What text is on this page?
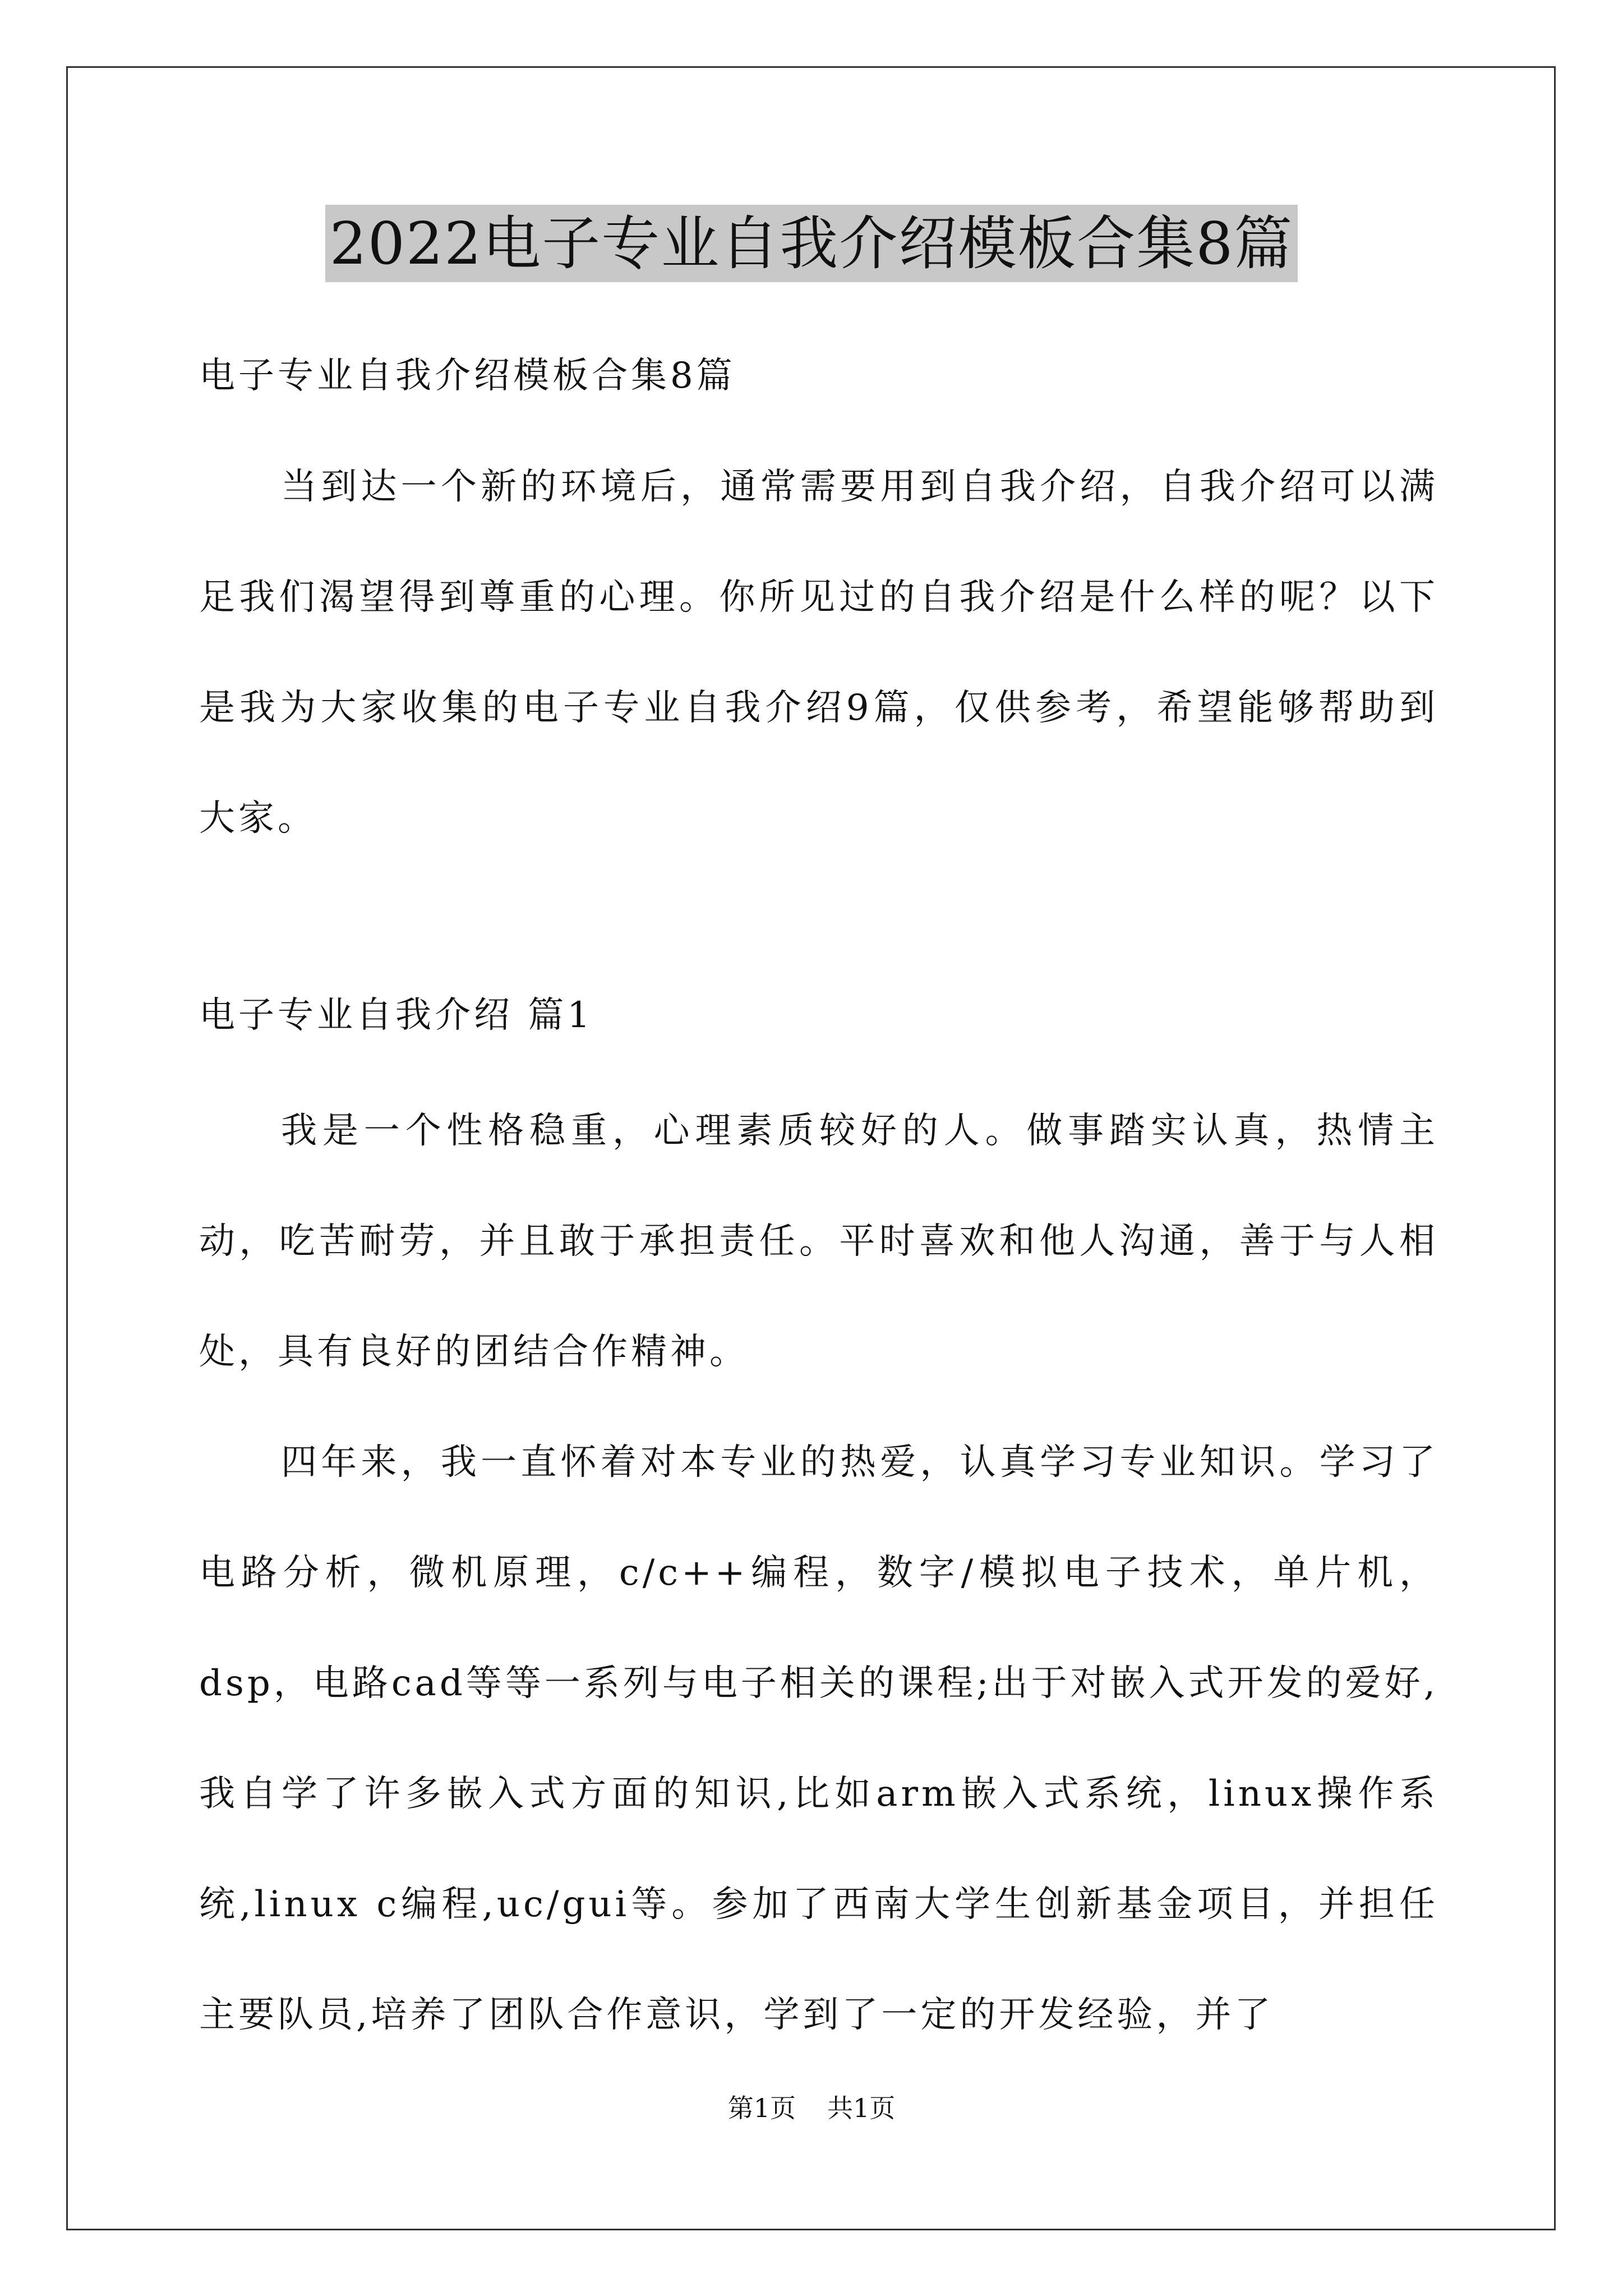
2022电子专业自我介绍模板合集8篇
电子专业自我介绍模板合集8篇

当到达一个新的环境后，通常需要用到自我介绍，自我介绍可以满足我们渴望得到尊重的心理。你所见过的自我介绍是什么样的呢？以下是我为大家收集的电子专业自我介绍9篇，仅供参考，希望能够帮助到大家。

电子专业自我介绍 篇1

我是一个性格稳重，心理素质较好的人。做事踏实认真，热情主动，吃苦耐劳，并且敢于承担责任。平时喜欢和他人沟通，善于与人相处，具有良好的团结合作精神。

四年来，我一直怀着对本专业的热爱，认真学习专业知识。学习了电路分析，微机原理，c/c++编程，数字/模拟电子技术，单片机，dsp，电路cad等等一系列与电子相关的课程;出于对嵌入式开发的爱好,我自学了许多嵌入式方面的知识,比如arm嵌入式系统，linux操作系统,linux c编程,uc/gui等。参加了西南大学生创新基金项目，并担任主要队员,培养了团队合作意识，学到了一定的开发经验，并了

第1页 共1页
